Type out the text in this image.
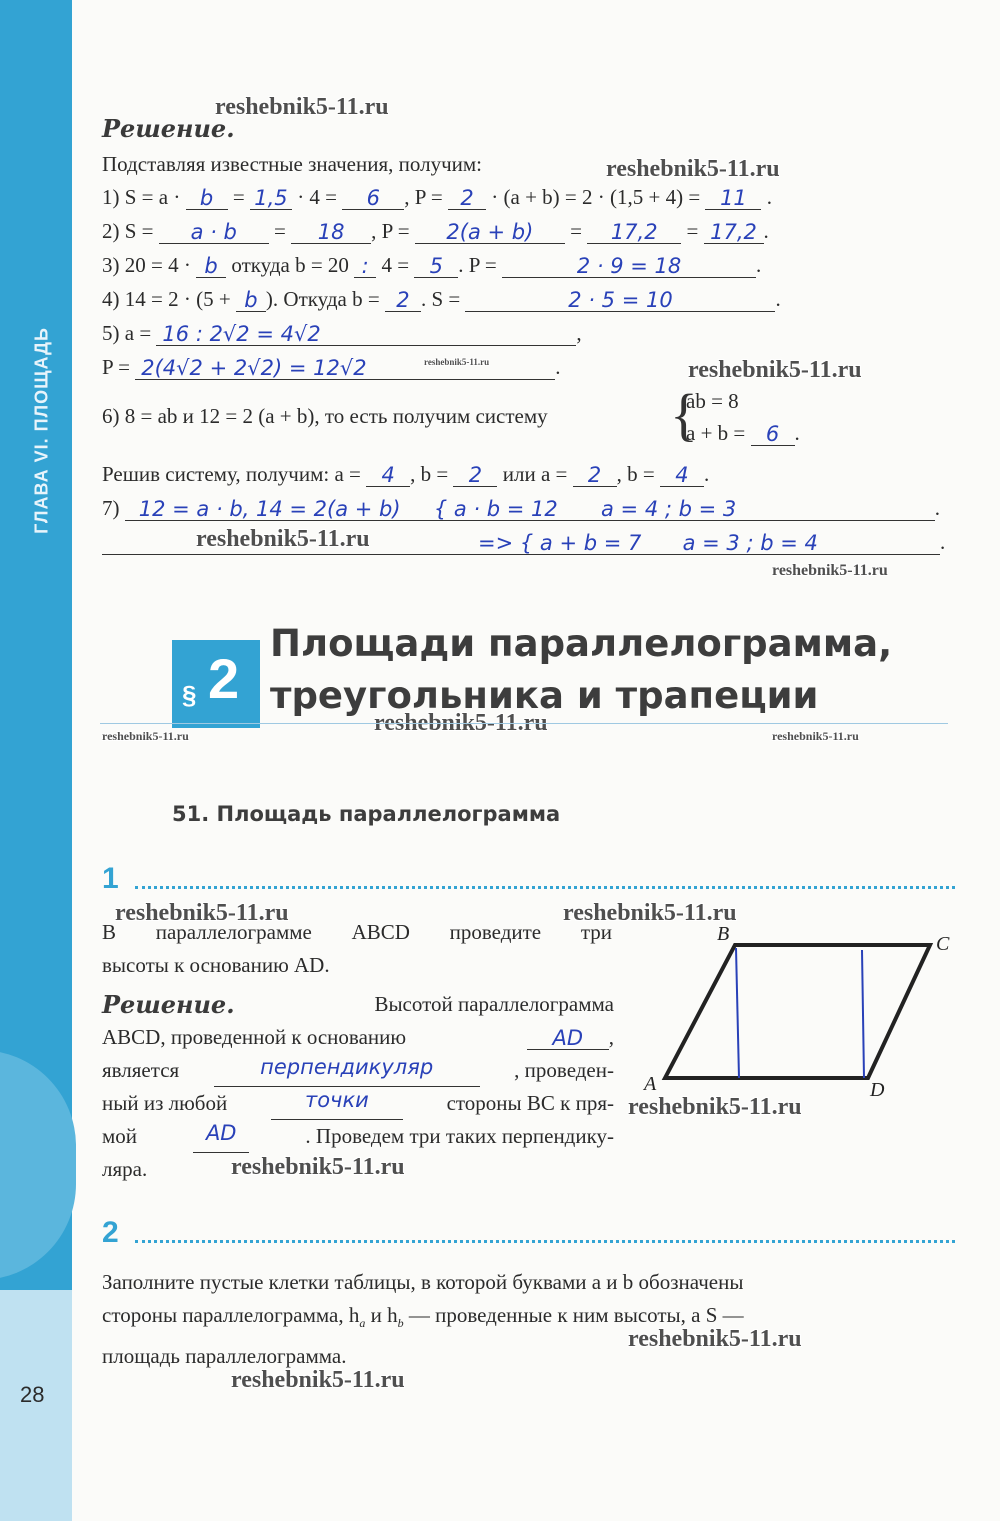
ГЛАВА VI. ПЛОЩАДЬ
28
reshebnik5-11.ru
reshebnik5-11.ru
reshebnik5-11.ru	reshebnik5-11.ru
reshebnik5-11.ru
reshebnik5-11.ru
reshebnik5-11.ru	reshebnik5-11.ru	reshebnik5-11.ru
reshebnik5-11.ru	reshebnik5-11.ru
reshebnik5-11.ru
reshebnik5-11.ru
reshebnik5-11.ru
reshebnik5-11.ru
Решение.
Подставляя известные значения, получим:
1) S = a · b = 1,5 · 4 = 6 , P = 2 · (a + b) = 2 · (1,5 + 4) = 11 .
2) S = a · b = 18 , P = 2(a + b) = 17,2 = 17,2 .
3) 20 = 4 · b откуда b = 20 : 4 = 5 . P =	2 · 9 = 18	.
4) 14 = 2 · (5 + b ). Откуда b = 2 . S =	2 · 5 = 10	.
5) a = 16 : 2√2 = 4√2	,
P = 2(4√2 + 2√2) = 12√2	.
6) 8 = ab и 12 = 2 (a + b), то есть получим систему {
ab = 8
a + b = 6 .
Решив систему, получим: a = 4 , b = 2 или a = 2 , b = 4 .
7) 12 = a · b, 14 = 2(a + b) { a · b = 12 a = 4 ; b = 3	.
=> { a + b = 7 a = 3 ; b = 4	.
§ 2
Площади параллелограмма,
треугольника и трапеции
51. Площадь параллелограмма
1
В параллелограмме ABCD проведите три
высоты к основанию AD.
Решение.	Высотой параллелограмма
ABCD, проведенной к основанию	AD ,
является	перпендикуляр	, проведен-
ный из любой	точки	стороны BC к пря-
мой	AD	. Проведем три таких перпендику-
ляра.
B	C
A	D
2
Заполните пустые клетки таблицы, в которой буквами a и b обозначены
стороны параллелограмма, $h_a$ и $h_b$ — проведенные к ним высоты, а S —
площадь параллелограмма.
